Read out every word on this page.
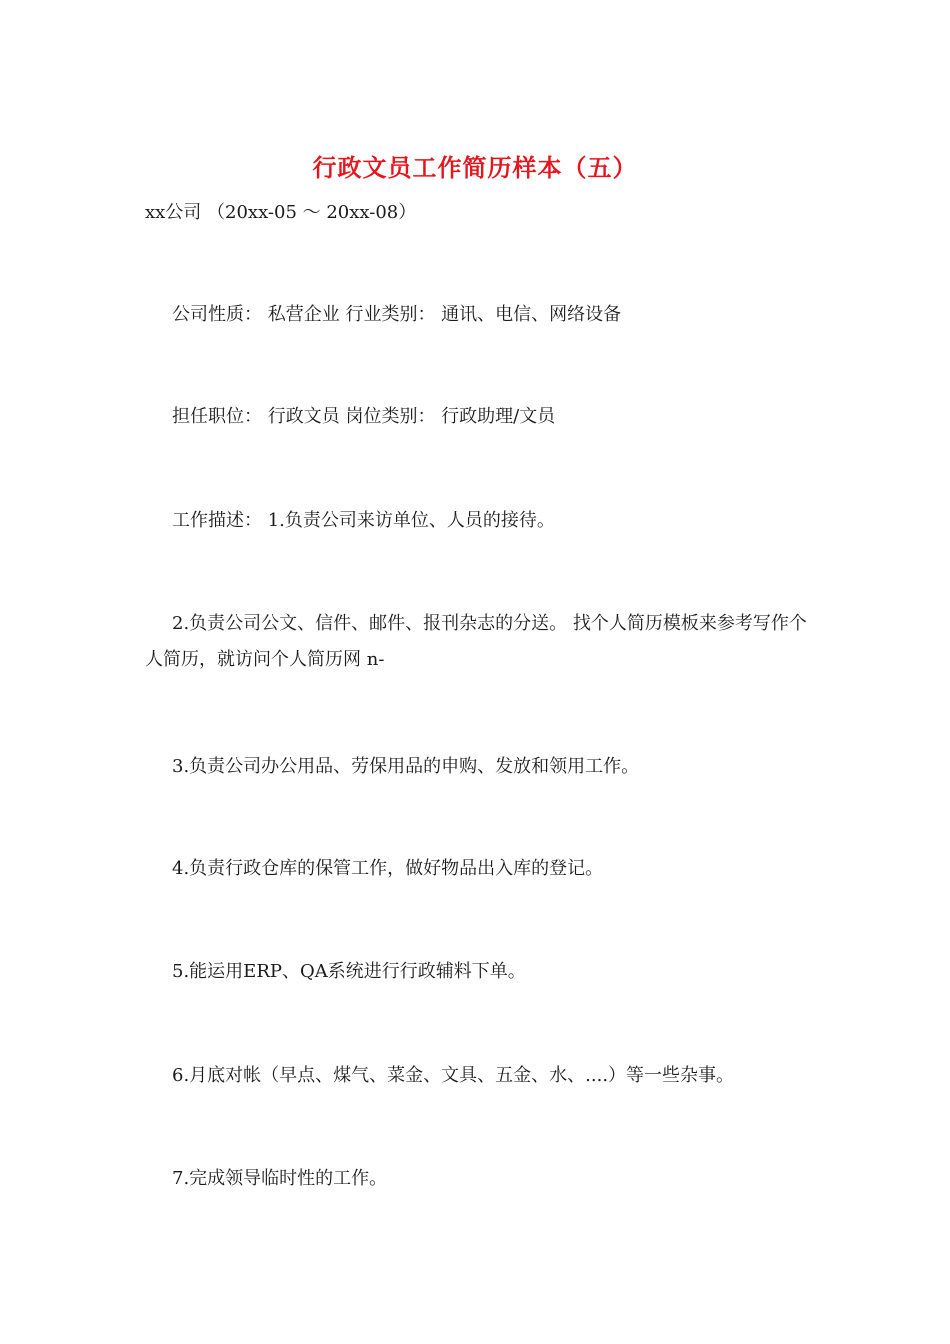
行政文员工作简历样本（五）
xx公司 （20xx-05 ～ 20xx-08）
公司性质： 私营企业 行业类别： 通讯、电信、网络设备
担任职位： 行政文员 岗位类别： 行政助理/文员
工作描述： 1.负责公司来访单位、人员的接待。
2.负责公司公文、信件、邮件、报刊杂志的分送。 找个人简历模板来参考写作个人简历，就访问个人简历网 n-
3.负责公司办公用品、劳保用品的申购、发放和领用工作。
4.负责行政仓库的保管工作，做好物品出入库的登记。
5.能运用ERP、QA系统进行行政辅料下单。
6.月底对帐（早点、煤气、菜金、文具、五金、水、....）等一些杂事。
7.完成领导临时性的工作。
